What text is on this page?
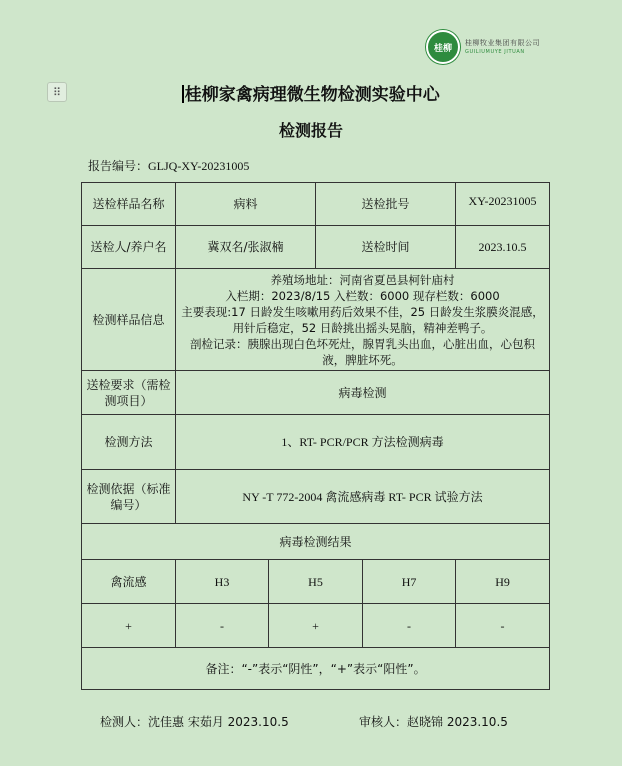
桂柳
桂柳牧业集团有限公司
GUILIUMUYE JITUAN
⠿	桂柳家禽病理微生物检测实验中心
检测报告
报告编号：GLJQ-XY-20231005
送检样品名称	病料		送检批号		XY-20231005
送检人/养户名	冀双名/张淑楠		送检时间		2023.10.5
检测样品信息	养殖场地址：河南省夏邑县柯针庙村
入栏期：2023/8/15 入栏数：6000 现存栏数：6000
主要表现:17 日龄发生咳嗽用药后效果不佳，25 日龄发生浆膜炎混感，用针后稳定，52 日龄挑出摇头晃脑，精神差鸭子。
剖检记录：胰腺出现白色坏死灶，腺胃乳头出血，心脏出血，心包积液，脾脏坏死。				

送检要求（需检测项目）	病毒检测				
检测方法	1、RT- PCR/PCR 方法检测病毒				
检测依据（标准编号）	NY -T 772-2004 禽流感病毒 RT- PCR 试验方法				
病毒检测结果					
禽流感	H3	H5		H7	H9
+	-	+		-	-
备注：“-”表示“阴性”，“+”表示“阳性”。					
检测人：沈佳惠 宋茹月 2023.10.5	审核人：赵晓锦 2023.10.5
